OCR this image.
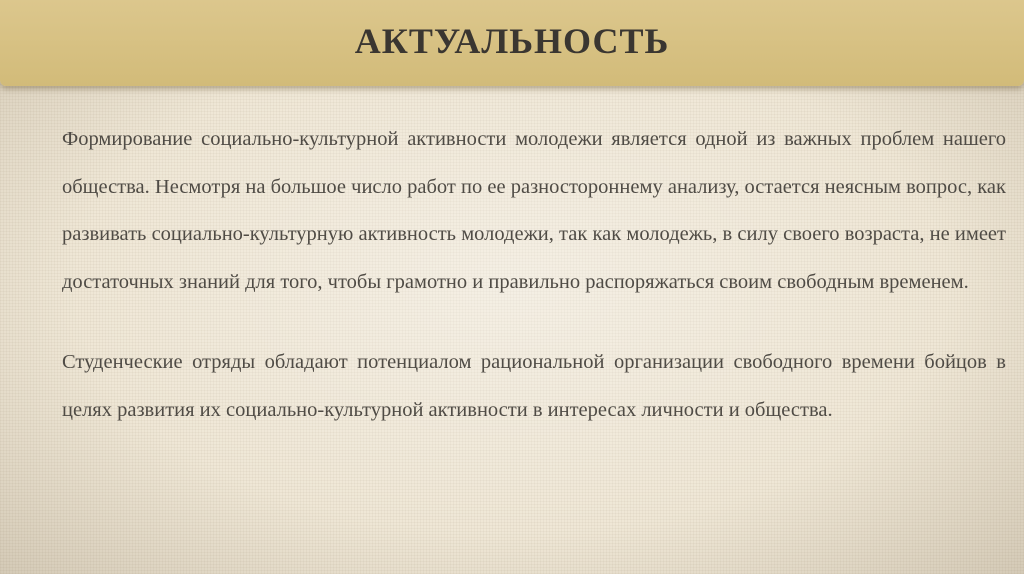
АКТУАЛЬНОСТЬ

Формирование социально-культурной активности молодежи является одной из важных проблем нашего общества. Несмотря на большое число работ по ее разностороннему анализу, остается неясным вопрос, как развивать социально-культурную активность молодежи, так как молодежь, в силу своего возраста, не имеет достаточных знаний для того, чтобы грамотно и правильно распоряжаться своим свободным временем.

Студенческие отряды обладают потенциалом рациональной организации свободного времени бойцов в целях развития их социально-культурной активности в интересах личности и общества.
